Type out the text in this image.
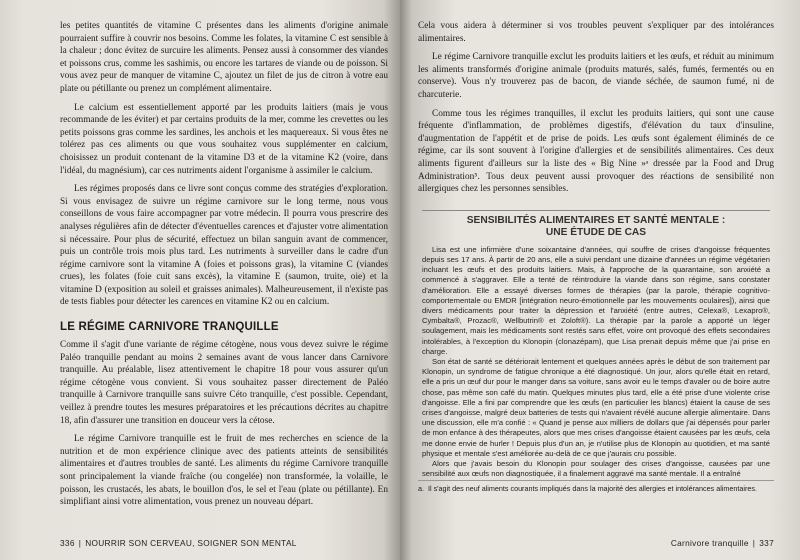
les petites quantités de vitamine C présentes dans les aliments d'origine animale pourraient suffire à couvrir nos besoins. Comme les folates, la vitamine C est sensible à la chaleur ; donc évitez de surcuire les aliments. Pensez aussi à consommer des viandes et poissons crus, comme les sashimis, ou encore les tartares de viande ou de poisson. Si vous avez peur de manquer de vitamine C, ajoutez un filet de jus de citron à votre eau plate ou pétillante ou prenez un complément alimentaire.

Le calcium est essentiellement apporté par les produits laitiers (mais je vous recommande de les éviter) et par certains produits de la mer, comme les crevettes ou les petits poissons gras comme les sardines, les anchois et les maquereaux. Si vous êtes ne tolérez pas ces aliments ou que vous souhaitez vous supplémenter en calcium, choisissez un produit contenant de la vitamine D3 et de la vitamine K2 (voire, dans l'idéal, du magnésium), car ces nutriments aident l'organisme à assimiler le calcium.

Les régimes proposés dans ce livre sont conçus comme des stratégies d'exploration. Si vous envisagez de suivre un régime carnivore sur le long terme, nous vous conseillons de vous faire accompagner par votre médecin. Il pourra vous prescrire des analyses régulières afin de détecter d'éventuelles carences et d'ajuster votre alimentation si nécessaire. Pour plus de sécurité, effectuez un bilan sanguin avant de commencer, puis un contrôle trois mois plus tard. Les nutriments à surveiller dans le cadre d'un régime carnivore sont la vitamine A (foies et poissons gras), la vitamine C (viandes crues), les folates (foie cuit sans excès), la vitamine E (saumon, truite, oie) et la vitamine D (exposition au soleil et graisses animales). Malheureusement, il n'existe pas de tests fiables pour détecter les carences en vitamine K2 ou en calcium.

LE RÉGIME CARNIVORE TRANQUILLE

Comme il s'agit d'une variante de régime cétogène, nous vous devez suivre le régime Paléo tranquille pendant au moins 2 semaines avant de vous lancer dans Carnivore tranquille. Au préalable, lisez attentivement le chapitre 18 pour vous assurer qu'un régime cétogène vous convient. Si vous souhaitez passer directement de Paléo tranquille à Carnivore tranquille sans suivre Céto tranquille, c'est possible. Cependant, veillez à prendre toutes les mesures préparatoires et les précautions décrites au chapitre 18, afin d'assurer une transition en douceur vers la cétose.

Le régime Carnivore tranquille est le fruit de mes recherches en science de la nutrition et de mon expérience clinique avec des patients atteints de sensibilités alimentaires et d'autres troubles de santé. Les aliments du régime Carnivore tranquille sont principalement la viande fraîche (ou congelée) non transformée, la volaille, le poisson, les crustacés, les abats, le bouillon d'os, le sel et l'eau (plate ou pétillante). En simplifiant ainsi votre alimentation, vous prenez un nouveau départ.

336 | NOURRIR SON CERVEAU, SOIGNER SON MENTAL

Cela vous aidera à déterminer si vos troubles peuvent s'expliquer par des intolérances alimentaires.

Le régime Carnivore tranquille exclut les produits laitiers et les œufs, et réduit au minimum les aliments transformés d'origine animale (produits maturés, salés, fumés, fermentés ou en conserve). Vous n'y trouverez pas de bacon, de viande séchée, de saumon fumé, ni de charcuterie.

Comme tous les régimes tranquilles, il exclut les produits laitiers, qui sont une cause fréquente d'inflammation, de problèmes digestifs, d'élévation du taux d'insuline, d'augmentation de l'appétit et de prise de poids. Les œufs sont également éliminés de ce régime, car ils sont souvent à l'origine d'allergies et de sensibilités alimentaires. Ces deux aliments figurent d'ailleurs sur la liste des « Big Nine »ᵃ dressée par la Food and Drug Administration⁵. Tous deux peuvent aussi provoquer des réactions de sensibilité non allergiques chez les personnes sensibles.

SENSIBILITÉS ALIMENTAIRES ET SANTÉ MENTALE :
UNE ÉTUDE DE CAS

Lisa est une infirmière d'une soixantaine d'années, qui souffre de crises d'angoisse fréquentes depuis ses 17 ans. À partir de 20 ans, elle a suivi pendant une dizaine d'années un régime végétarien incluant les œufs et des produits laitiers. Mais, à l'approche de la quarantaine, son anxiété a commencé à s'aggraver. Elle a tenté de réintroduire la viande dans son régime, sans constater d'amélioration. Elle a essayé diverses formes de thérapies (par la parole, thérapie cognitivo-comportementale ou EMDR [intégration neuro-émotionnelle par les mouvements oculaires]), ainsi que divers médicaments pour traiter la dépression et l'anxiété (entre autres, Celexa®, Lexapro®, Cymbalta®, Prozac®, Wellbutrin® et Zoloft®). La thérapie par la parole a apporté un léger soulagement, mais les médicaments sont restés sans effet, voire ont provoqué des effets secondaires intolérables, à l'exception du Klonopin (clonazépam), que Lisa prenait depuis même que j'ai prise en charge.

Son état de santé se détériorait lentement et quelques années après le début de son traitement par Klonopin, un syndrome de fatigue chronique a été diagnostiqué. Un jour, alors qu'elle était en retard, elle a pris un œuf dur pour le manger dans sa voiture, sans avoir eu le temps d'avaler ou de boire autre chose, pas même son café du matin. Quelques minutes plus tard, elle a été prise d'une violente crise d'angoisse. Elle a fini par comprendre que les œufs (en particulier les blancs) étaient la cause de ses crises d'angoisse, malgré deux batteries de tests qui n'avaient révélé aucune allergie alimentaire. Dans une discussion, elle m'a confié : « Quand je pense aux milliers de dollars que j'ai dépensés pour parler de mon enfance à des thérapeutes, alors que mes crises d'angoisse étaient causées par les œufs, cela me donne envie de hurler ! Depuis plus d'un an, je n'utilise plus de Klonopin au quotidien, et ma santé physique et mentale s'est améliorée au-delà de ce que j'aurais cru possible.

Alors que j'avais besoin du Klonopin pour soulager des crises d'angoisse, causées par une sensibilité aux œufs non diagnostiquée, il a finalement aggravé ma santé mentale. Il a entraîné

a. Il s'agit des neuf aliments courants impliqués dans la majorité des allergies et intolérances alimentaires.
Carnivore tranquille | 337
